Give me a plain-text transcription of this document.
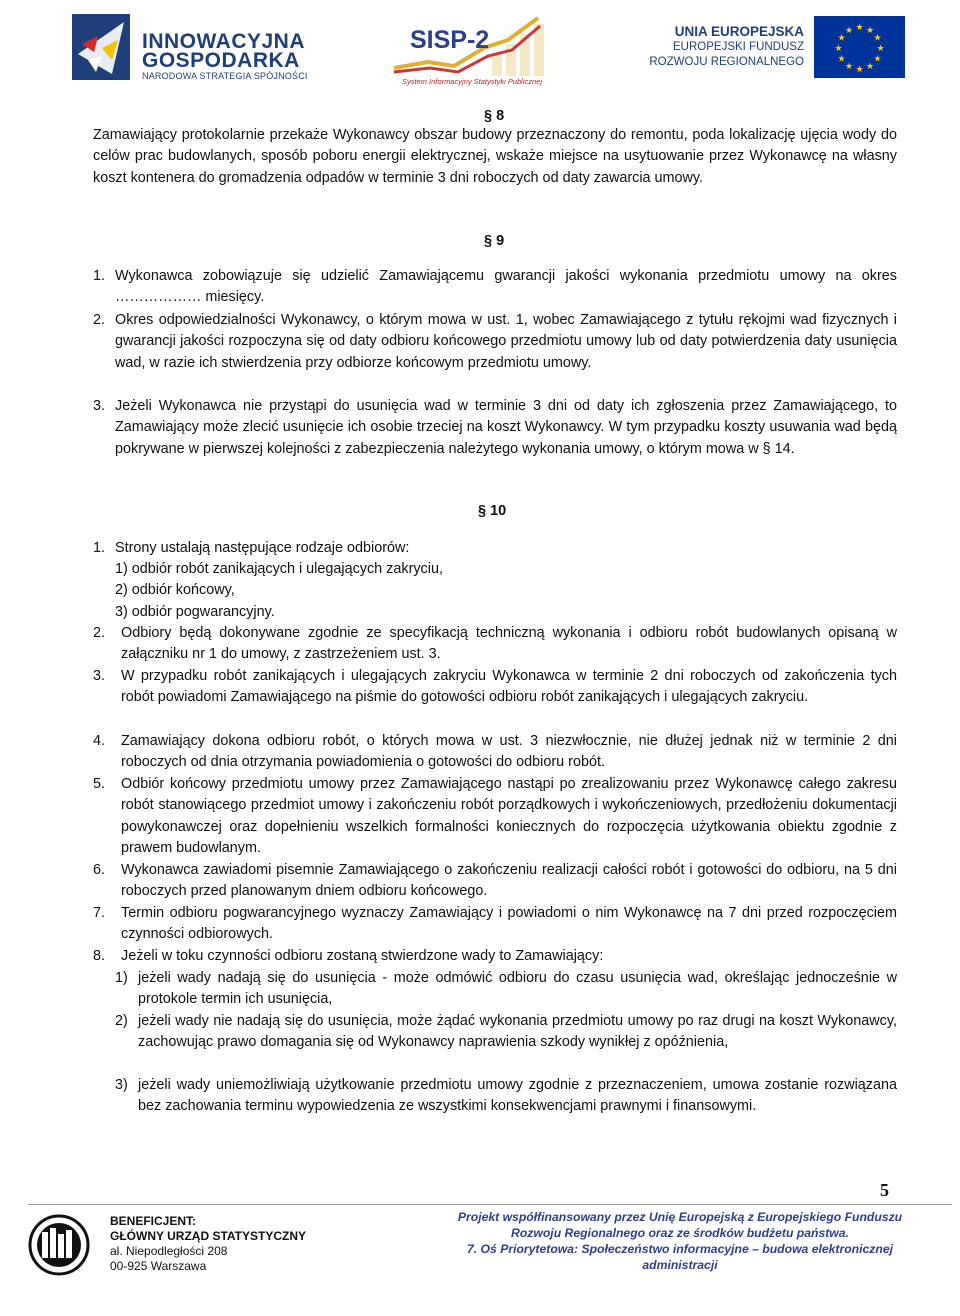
INNOWACYJNA
GOSPODARKA
NARODOWA STRATEGIA SPÓJNOŚCI
SISP-2
System Informacyjny Statystyki Publicznej
UNIA EUROPEJSKA
EUROPEJSKI FUNDUSZ
ROZWOJU REGIONALNEGO
★ ★
★
★
★
★
★
★
★
★
★
★
§ 8
Zamawiający protokolarnie przekaże Wykonawcy obszar budowy przeznaczony do remontu, poda lokalizację ujęcia wody do celów prac budowlanych, sposób poboru energii elektrycznej, wskaże miejsce na usytuowanie przez Wykonawcę na własny koszt kontenera do gromadzenia odpadów w terminie 3 dni roboczych od daty zawarcia umowy.
§ 9
1. Wykonawca zobowiązuje się udzielić Zamawiającemu gwarancji jakości wykonania przedmiotu umowy na okres ……………… miesięcy.
2. Okres odpowiedzialności Wykonawcy, o którym mowa w ust. 1, wobec Zamawiającego z tytułu rękojmi wad fizycznych i gwarancji jakości rozpoczyna się od daty odbioru końcowego przedmiotu umowy lub od daty potwierdzenia daty usunięcia wad, w razie ich stwierdzenia przy odbiorze końcowym przedmiotu umowy.
3. Jeżeli Wykonawca nie przystąpi do usunięcia wad w terminie 3 dni od daty ich zgłoszenia przez Zamawiającego, to Zamawiający może zlecić usunięcie ich osobie trzeciej na koszt Wykonawcy. W tym przypadku koszty usuwania wad będą pokrywane w pierwszej kolejności z zabezpieczenia należytego wykonania umowy, o którym mowa w § 14.
§ 10
1. Strony ustalają następujące rodzaje odbiorów:
1) odbiór robót zanikających i ulegających zakryciu,
2) odbiór końcowy,
3) odbiór pogwarancyjny.
2. Odbiory będą dokonywane zgodnie ze specyfikacją techniczną wykonania i odbioru robót budowlanych opisaną w załączniku nr 1 do umowy, z zastrzeżeniem ust. 3.
3. W przypadku robót zanikających i ulegających zakryciu Wykonawca w terminie 2 dni roboczych od zakończenia tych robót powiadomi Zamawiającego na piśmie do gotowości odbioru robót zanikających i ulegających zakryciu.
4. Zamawiający dokona odbioru robót, o których mowa w ust. 3 niezwłocznie, nie dłużej jednak niż w terminie 2 dni roboczych od dnia otrzymania powiadomienia o gotowości do odbioru robót.
5. Odbiór końcowy przedmiotu umowy przez Zamawiającego nastąpi po zrealizowaniu przez Wykonawcę całego zakresu robót stanowiącego przedmiot umowy i zakończeniu robót porządkowych i wykończeniowych, przedłożeniu dokumentacji powykonawczej oraz dopełnieniu wszelkich formalności koniecznych do rozpoczęcia użytkowania obiektu zgodnie z prawem budowlanym.
6. Wykonawca zawiadomi pisemnie Zamawiającego o zakończeniu realizacji całości robót i gotowości do odbioru, na 5 dni roboczych przed planowanym dniem odbioru końcowego.
7. Termin odbioru pogwarancyjnego wyznaczy Zamawiający i powiadomi o nim Wykonawcę na 7 dni przed rozpoczęciem czynności odbiorowych.
8. Jeżeli w toku czynności odbioru zostaną stwierdzone wady to Zamawiający:
1) jeżeli wady nadają się do usunięcia - może odmówić odbioru do czasu usunięcia wad, określając jednocześnie w protokole termin ich usunięcia,
2) jeżeli wady nie nadają się do usunięcia, może żądać wykonania przedmiotu umowy po raz drugi na koszt Wykonawcy, zachowując prawo domagania się od Wykonawcy naprawienia szkody wynikłej z opóźnienia,
3) jeżeli wady uniemożliwiają użytkowanie przedmiotu umowy zgodnie z przeznaczeniem, umowa zostanie rozwiązana bez zachowania terminu wypowiedzenia ze wszystkimi konsekwencjami prawnymi i finansowymi.
5
BENEFICJENT:
GŁÓWNY URZĄD STATYSTYCZNY
al. Niepodległości 208
00-925 Warszawa
Projekt współfinansowany przez Unię Europejską z Europejskiego Funduszu
Rozwoju Regionalnego oraz ze środków budżetu państwa.
7. Oś Priorytetowa: Społeczeństwo informacyjne – budowa elektronicznej
administracji
